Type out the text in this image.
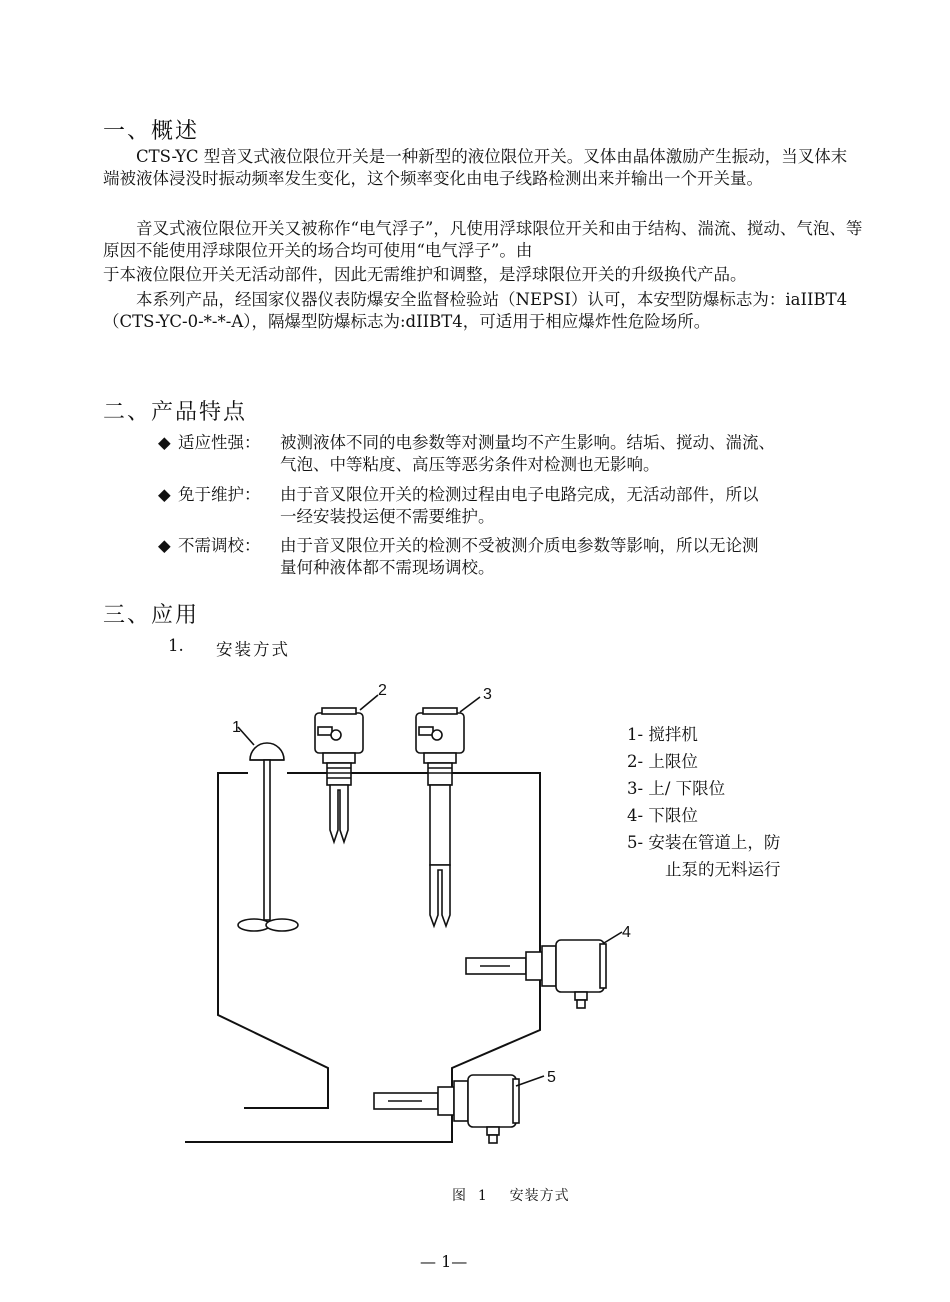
一、概述
CTS-YC 型音叉式液位限位开关是一种新型的液位限位开关。叉体由晶体激励产生振动，当叉体末端被液体浸没时振动频率发生变化，这个频率变化由电子线路检测出来并输出一个开关量。
音叉式液位限位开关又被称作“电气浮子”，凡使用浮球限位开关和由于结构、湍流、搅动、气泡、等原因不能使用浮球限位开关的场合均可使用“电气浮子”。由
于本液位限位开关无活动部件，因此无需维护和调整，是浮球限位开关的升级换代产品。
本系列产品，经国家仪器仪表防爆安全监督检验站（NEPSI）认可，本安型防爆标志为：iaIIBT4 （CTS-YC-0-*-*-A），隔爆型防爆标志为:dIIBT4，可适用于相应爆炸性危险场所。
二、产品特点
◆ 适应性强： 被测液体不同的电参数等对测量均不产生影响。结垢、搅动、湍流、
气泡、中等粘度、高压等恶劣条件对检测也无影响。
◆ 免于维护： 由于音叉限位开关的检测过程由电子电路完成，无活动部件，所以
一经安装投运便不需要维护。
◆ 不需调校： 由于音叉限位开关的检测不受被测介质电参数等影响，所以无论测
量何种液体都不需现场调校。
三、应用
1. 安装方式
1
2	3
4
5
1- 搅拌机
2- 上限位
3- 上/ 下限位
4- 下限位
5- 安装在管道上，防
止泵的无料运行
图  1    安装方式
— 1—
